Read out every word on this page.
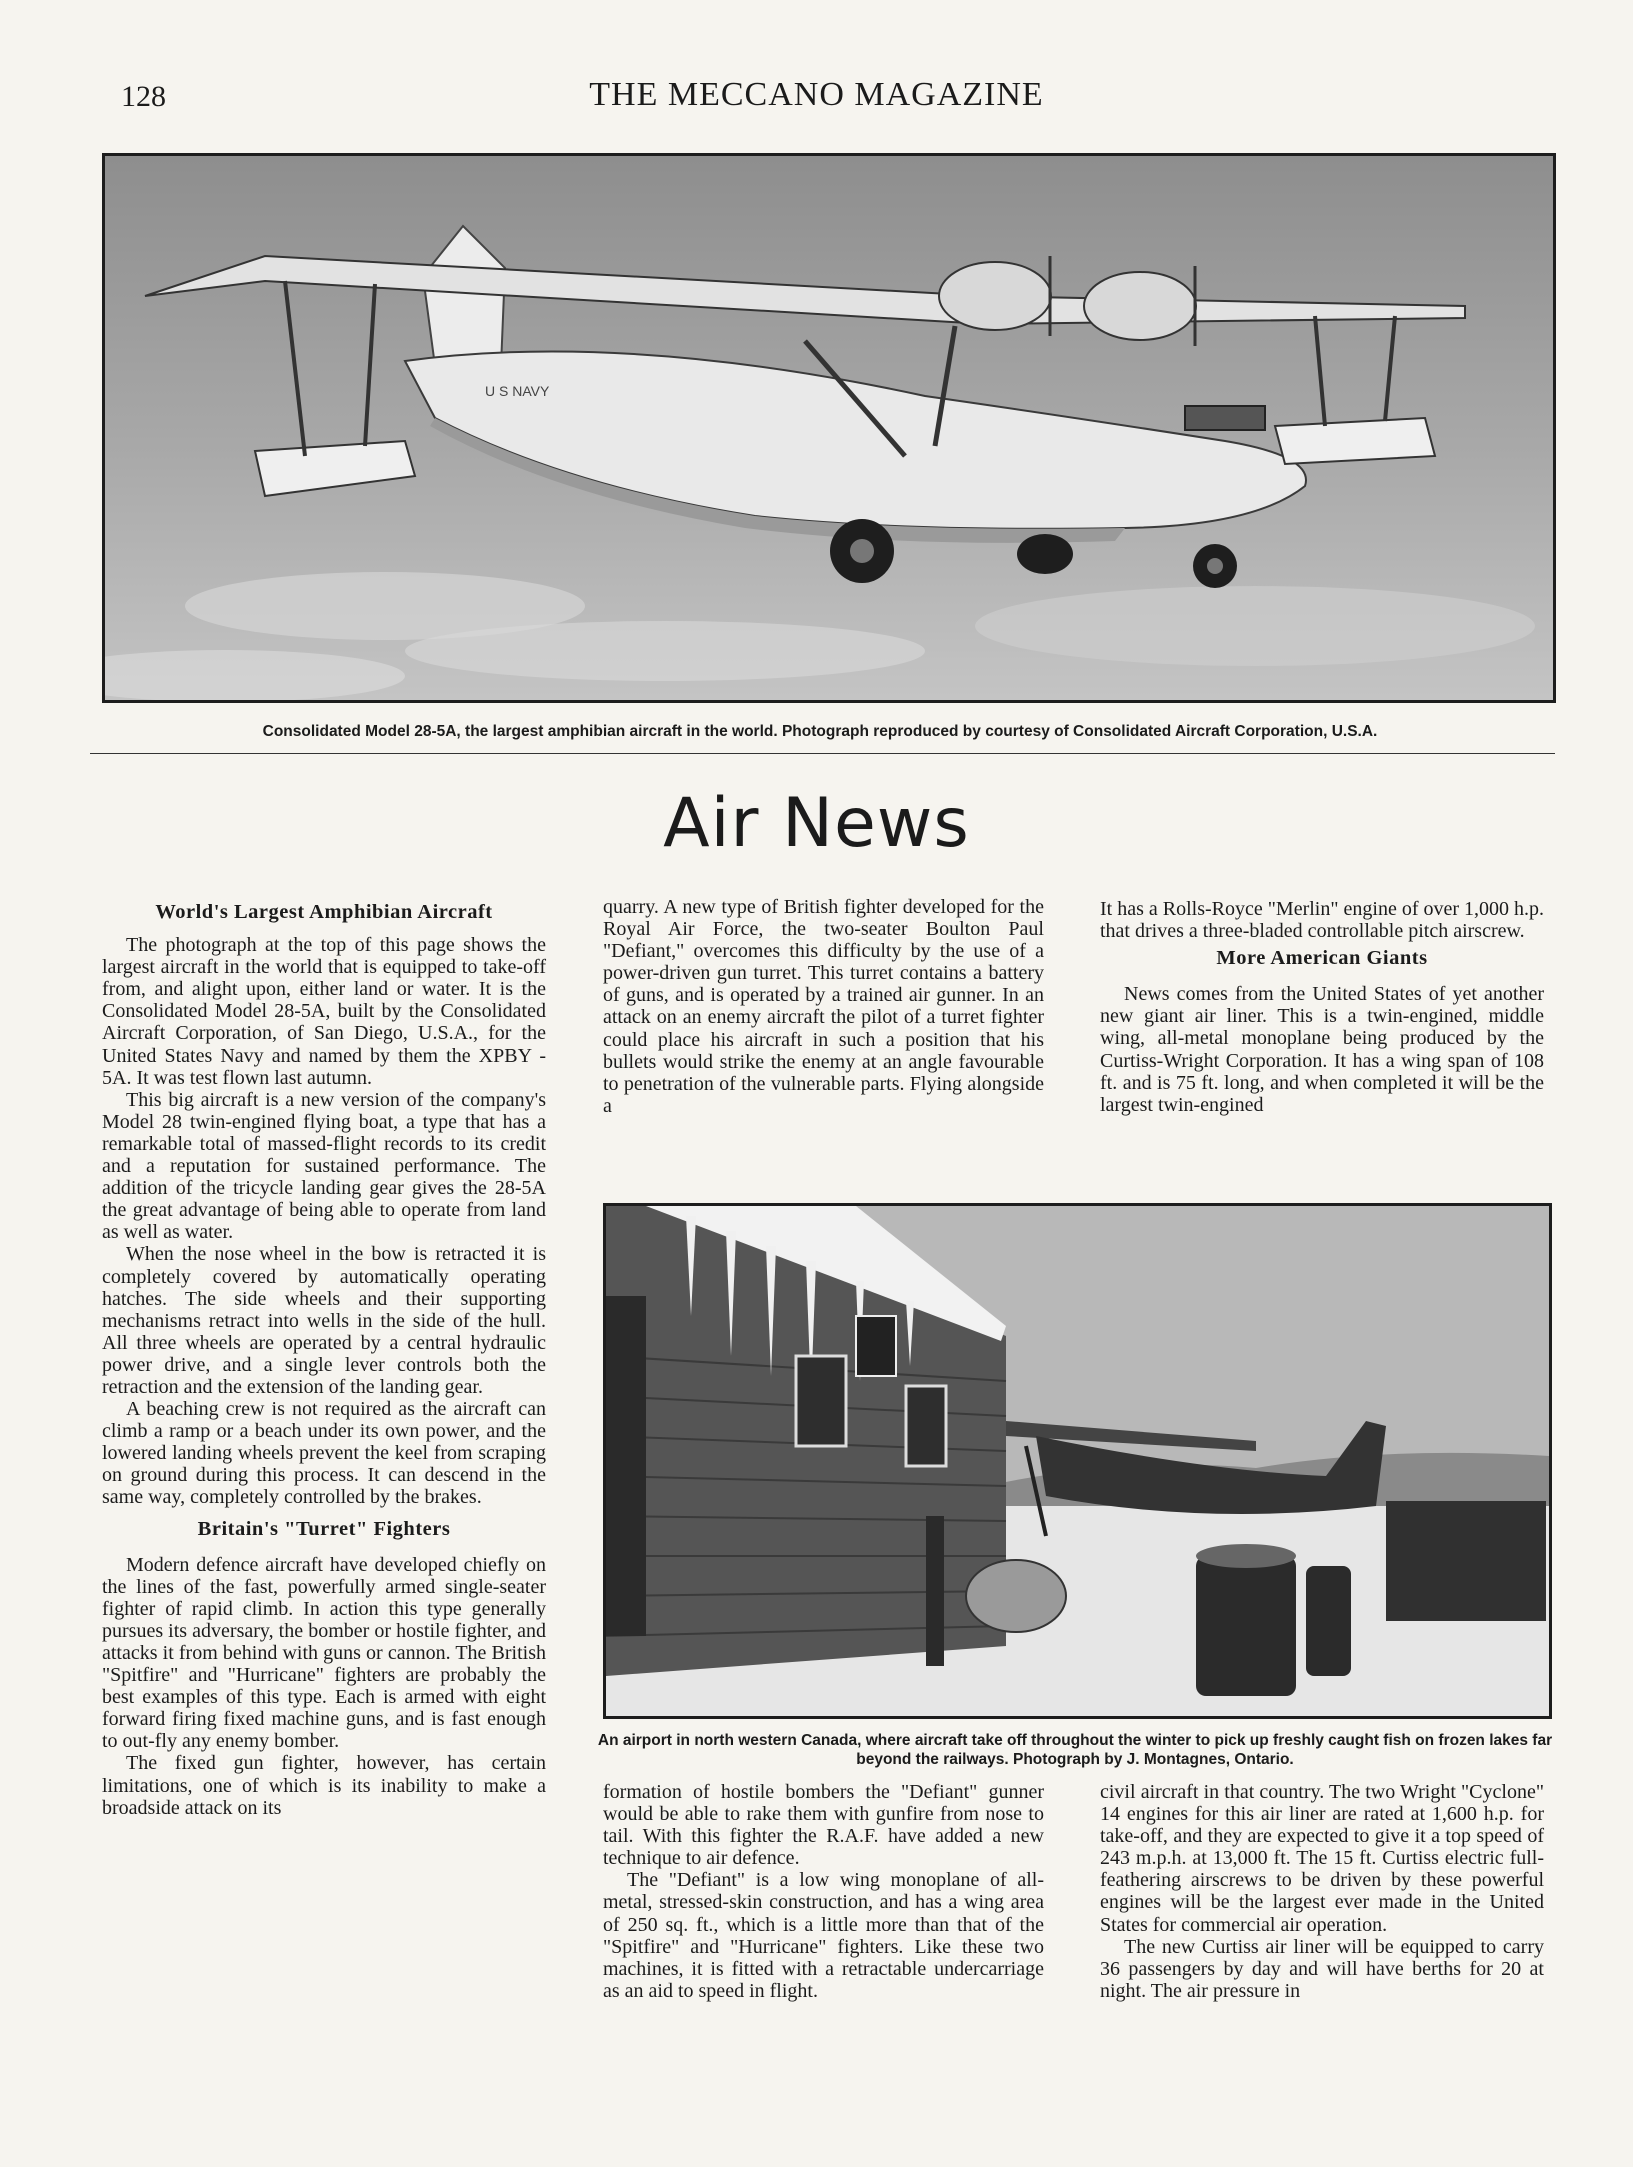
128	THE MECCANO MAGAZINE
U S NAVY
Consolidated Model 28-5A, the largest amphibian aircraft in the world. Photograph reproduced by courtesy of Consolidated Aircraft Corporation, U.S.A.
Air News
World's Largest Amphibian Aircraft

The photograph at the top of this page shows the largest aircraft in the world that is equipped to take-off from, and alight upon, either land or water. It is the Consolidated Model 28-5A, built by the Consolidated Aircraft Corporation, of San Diego, U.S.A., for the United States Navy and named by them the XPBY - 5A. It was test flown last autumn.

This big aircraft is a new version of the company's Model 28 twin-engined flying boat, a type that has a remarkable total of massed-flight records to its credit and a reputation for sustained performance. The addition of the tricycle landing gear gives the 28-5A the great advantage of being able to operate from land as well as water.

When the nose wheel in the bow is retracted it is completely covered by automatically operating hatches. The side wheels and their supporting mechanisms retract into wells in the side of the hull. All three wheels are operated by a central hydraulic power drive, and a single lever controls both the retraction and the extension of the landing gear.

A beaching crew is not required as the aircraft can climb a ramp or a beach under its own power, and the lowered landing wheels prevent the keel from scraping on ground during this process. It can descend in the same way, completely controlled by the brakes.

Britain's "Turret" Fighters

Modern defence aircraft have developed chiefly on the lines of the fast, powerfully armed single-seater fighter of rapid climb. In action this type generally pursues its adversary, the bomber or hostile fighter, and attacks it from behind with guns or cannon. The British "Spitfire" and "Hurricane" fighters are probably the best examples of this type. Each is armed with eight forward firing fixed machine guns, and is fast enough to out-fly any enemy bomber.

The fixed gun fighter, however, has certain limitations, one of which is its inability to make a broadside attack on its

quarry. A new type of British fighter developed for the Royal Air Force, the two-seater Boulton Paul "Defiant," overcomes this difficulty by the use of a power-driven gun turret. This turret contains a battery of guns, and is operated by a trained air gunner. In an attack on an enemy aircraft the pilot of a turret fighter could place his aircraft in such a position that his bullets would strike the enemy at an angle favourable to penetration of the vulnerable parts. Flying alongside a

It has a Rolls-Royce "Merlin" engine of over 1,000 h.p. that drives a three-bladed controllable pitch airscrew.

More American Giants

News comes from the United States of yet another new giant air liner. This is a twin-engined, middle wing, all-metal monoplane being produced by the Curtiss-Wright Corporation. It has a wing span of 108 ft. and is 75 ft. long, and when completed it will be the largest twin-engined

An airport in north western Canada, where aircraft take off throughout the winter to pick up freshly caught fish on frozen lakes far beyond the railways. Photograph by J. Montagnes, Ontario.

formation of hostile bombers the "Defiant" gunner would be able to rake them with gunfire from nose to tail. With this fighter the R.A.F. have added a new technique to air defence.

The "Defiant" is a low wing monoplane of all-metal, stressed-skin construction, and has a wing area of 250 sq. ft., which is a little more than that of the "Spitfire" and "Hurricane" fighters. Like these two machines, it is fitted with a retractable undercarriage as an aid to speed in flight.

civil aircraft in that country. The two Wright "Cyclone" 14 engines for this air liner are rated at 1,600 h.p. for take-off, and they are expected to give it a top speed of 243 m.p.h. at 13,000 ft. The 15 ft. Curtiss electric full-feathering airscrews to be driven by these powerful engines will be the largest ever made in the United States for commercial air operation.

The new Curtiss air liner will be equipped to carry 36 passengers by day and will have berths for 20 at night. The air pressure in
